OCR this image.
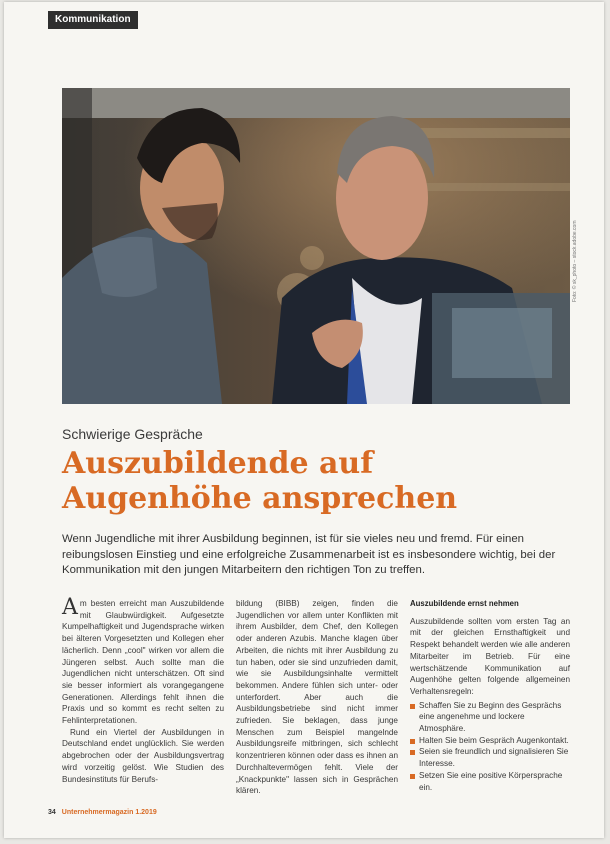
Kommunikation
Foto: © sk_photo – stock.adobe.com
Schwierige Gespräche
Auszubildende auf
Augenhöhe ansprechen
Wenn Jugendliche mit ihrer Ausbildung beginnen, ist für sie vieles neu und fremd. Für einen reibungslosen Einstieg und eine erfolgreiche Zusammenarbeit ist es insbesondere wichtig, bei der Kommunikation mit den jungen Mitarbeitern den richtigen Ton zu treffen.

Am besten erreicht man Auszubildende mit Glaubwürdigkeit. Aufgesetzte Kumpelhaftigkeit und Jugendsprache wirken bei älteren Vorgesetzten und Kollegen eher lächerlich. Denn „cool" wirken vor allem die Jüngeren selbst. Auch sollte man die Jugendlichen nicht unterschätzen. Oft sind sie besser informiert als vorangegangene Generationen. Allerdings fehlt ihnen die Praxis und so kommt es recht selten zu Fehlinterpretationen.

Rund ein Viertel der Ausbildungen in Deutschland endet unglücklich. Sie werden abgebrochen oder der Ausbildungsvertrag wird vorzeitig gelöst. Wie Studien des Bundesinstituts für Berufs-

bildung (BIBB) zeigen, finden die Jugendlichen vor allem unter Konflikten mit ihrem Ausbilder, dem Chef, den Kollegen oder anderen Azubis. Manche klagen über Arbeiten, die nichts mit ihrer Ausbildung zu tun haben, oder sie sind unzufrieden damit, wie sie Ausbildungsinhalte vermittelt bekommen. Andere fühlen sich unter- oder unterfordert. Aber auch die Ausbildungsbetriebe sind nicht immer zufrieden. Sie beklagen, dass junge Menschen zum Beispiel mangelnde Ausbildungsreife mitbringen, sich schlecht konzentrieren können oder dass es ihnen an Durchhaltevermögen fehlt. Viele der „Knackpunkte" lassen sich in Gesprächen klären.

Auszubildende ernst nehmen

Auszubildende sollten vom ersten Tag an mit der gleichen Ernsthaftigkeit und Respekt behandelt werden wie alle anderen Mitarbeiter im Betrieb. Für eine wertschätzende Kommunikation auf Augenhöhe gelten folgende allgemeinen Verhaltensregeln:

Schaffen Sie zu Beginn des Gesprächs eine angenehme und lockere Atmosphäre.
Halten Sie beim Gespräch Augenkontakt.
Seien sie freundlich und signalisieren Sie Interesse.
Setzen Sie eine positive Körpersprache ein.
34 Unternehmermagazin 1.2019
